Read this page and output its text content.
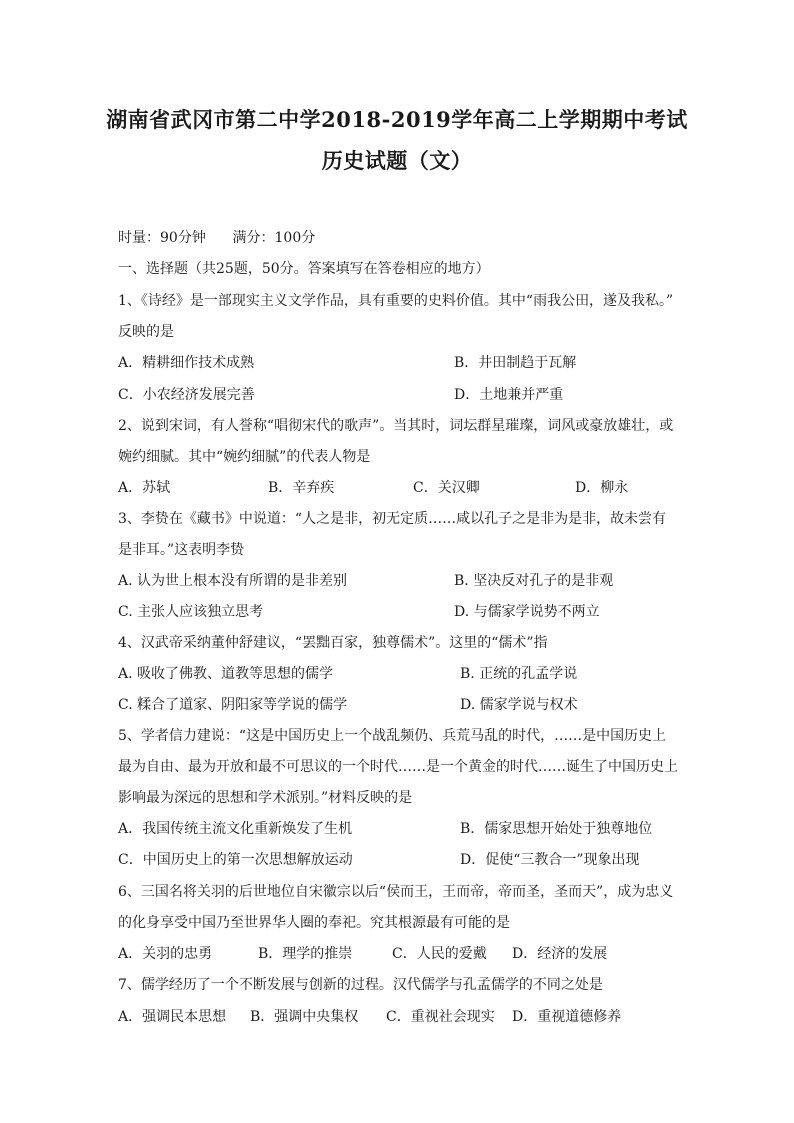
湖南省武冈市第二中学2018-2019学年高二上学期期中考试
历史试题（文）
时量：90分钟      满分：100分
一、选择题（共25题，50分。答案填写在答卷相应的地方）
1、《诗经》是一部现实主义文学作品，具有重要的史料价值。其中“雨我公田，遂及我私。”
反映的是
A．精耕细作技术成熟	B．井田制趋于瓦解
C．小农经济发展完善	D．土地兼并严重
2、说到宋词，有人誉称“唱彻宋代的歌声”。当其时，词坛群星璀璨，词风或豪放雄壮，或
婉约细腻。其中“婉约细腻”的代表人物是
A．苏轼	B．辛弃疾	C．关汉卿	D．柳永
3、李贽在《藏书》中说道：“人之是非，初无定质……咸以孔子之是非为是非，故未尝有
是非耳。”这表明李贽
A. 认为世上根本没有所谓的是非差别	B. 坚决反对孔子的是非观
C. 主张人应该独立思考	D. 与儒家学说势不两立
4、汉武帝采纳董仲舒建议，“罢黜百家，独尊儒术”。这里的“儒术”指
A. 吸收了佛教、道教等思想的儒学	B. 正统的孔孟学说
C. 糅合了道家、阴阳家等学说的儒学	D. 儒家学说与权术
5、学者信力建说：“这是中国历史上一个战乱频仍、兵荒马乱的时代，……是中国历史上
最为自由、最为开放和最不可思议的一个时代……是一个黄金的时代……诞生了中国历史上
影响最为深远的思想和学术派别。”材料反映的是
A．我国传统主流文化重新焕发了生机	B．儒家思想开始处于独尊地位
C．中国历史上的第一次思想解放运动	D．促使“三教合一”现象出现
6、三国名将关羽的后世地位自宋徽宗以后“侯而王，王而帝，帝而圣，圣而天”，成为忠义
的化身享受中国乃至世界华人圈的奉祀。究其根源最有可能的是
A．关羽的忠勇	B．理学的推崇	C．人民的爱戴 D．经济的发展
7、儒学经历了一个不断发展与创新的过程。汉代儒学与孔孟儒学的不同之处是
A．强调民本思想 B．强调中央集权 C．重视社会现实 D．重视道德修养
